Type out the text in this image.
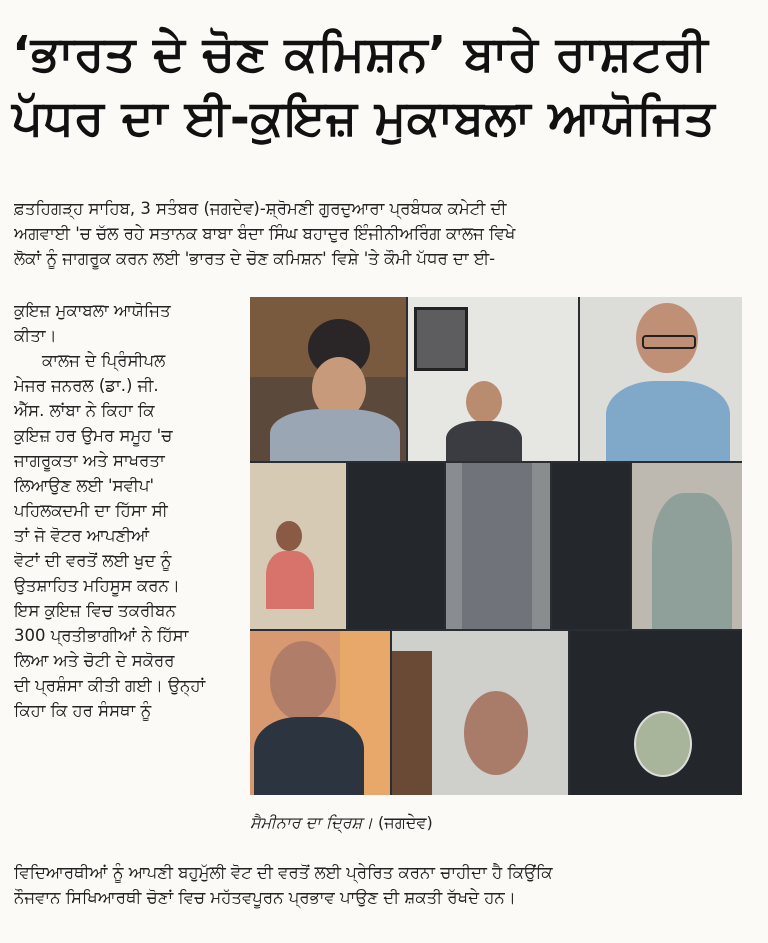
‘ਭਾਰਤ ਦੇ ਚੋਣ ਕਮਿਸ਼ਨ’ ਬਾਰੇ ਰਾਸ਼ਟਰੀ
ਪੱਧਰ ਦਾ ਈ-ਕੁਇਜ਼ ਮੁਕਾਬਲਾ ਆਯੋਜਿਤ
ਫ਼ਤਹਿਗੜ੍ਹ ਸਾਹਿਬ, 3 ਸਤੰਬਰ (ਜਗਦੇਵ)-ਸ਼੍ਰੋਮਣੀ ਗੁਰਦੁਆਰਾ ਪ੍ਰਬੰਧਕ ਕਮੇਟੀ ਦੀ
ਅਗਵਾਈ 'ਚ ਚੱਲ ਰਹੇ ਸਤਾਨਕ ਬਾਬਾ ਬੰਦਾ ਸਿੰਘ ਬਹਾਦੁਰ ਇੰਜੀਨੀਅਰਿੰਗ ਕਾਲਜ ਵਿਖੇ
ਲੋਕਾਂ ਨੂੰ ਜਾਗਰੂਕ ਕਰਨ ਲਈ 'ਭਾਰਤ ਦੇ ਚੋਣ ਕਮਿਸ਼ਨ' ਵਿਸ਼ੇ 'ਤੇ ਕੌਮੀ ਪੱਧਰ ਦਾ ਈ-
ਕੁਇਜ਼ ਮੁਕਾਬਲਾ ਆਯੋਜਿਤ
ਕੀਤਾ।
ਕਾਲਜ ਦੇ ਪ੍ਰਿੰਸੀਪਲ
ਮੇਜਰ ਜਨਰਲ (ਡਾ.) ਜੀ.
ਐੱਸ. ਲਾਂਬਾ ਨੇ ਕਿਹਾ ਕਿ
ਕੁਇਜ਼ ਹਰ ਉਮਰ ਸਮੂਹ 'ਚ
ਜਾਗਰੂਕਤਾ ਅਤੇ ਸਾਖਰਤਾ
ਲਿਆਉਣ ਲਈ 'ਸਵੀਪ'
ਪਹਿਲਕਦਮੀ ਦਾ ਹਿੱਸਾ ਸੀ
ਤਾਂ ਜੋ ਵੋਟਰ ਆਪਣੀਆਂ
ਵੋਟਾਂ ਦੀ ਵਰਤੋਂ ਲਈ ਖੁਦ ਨੂੰ
ਉਤਸ਼ਾਹਿਤ ਮਹਿਸੂਸ ਕਰਨ।
ਇਸ ਕੁਇਜ਼ ਵਿਚ ਤਕਰੀਬਨ
300 ਪ੍ਰਤੀਭਾਗੀਆਂ ਨੇ ਹਿੱਸਾ
ਲਿਆ ਅਤੇ ਚੋਟੀ ਦੇ ਸਕੋਰਰ
ਦੀ ਪ੍ਰਸ਼ੰਸਾ ਕੀਤੀ ਗਈ। ਉਨ੍ਹਾਂ
ਕਿਹਾ ਕਿ ਹਰ ਸੰਸਥਾ ਨੂੰ
ਸੈਮੀਨਾਰ ਦਾ ਦ੍ਰਿਸ਼। (ਜਗਦੇਵ)
ਵਿਦਿਆਰਥੀਆਂ ਨੂੰ ਆਪਣੀ ਬਹੁਮੁੱਲੀ ਵੋਟ ਦੀ ਵਰਤੋਂ ਲਈ ਪ੍ਰੇਰਿਤ ਕਰਨਾ ਚਾਹੀਦਾ ਹੈ ਕਿਉਂਕਿ
ਨੌਜਵਾਨ ਸਿਖਿਆਰਥੀ ਚੋਣਾਂ ਵਿਚ ਮਹੱਤਵਪੂਰਨ ਪ੍ਰਭਾਵ ਪਾਉਣ ਦੀ ਸ਼ਕਤੀ ਰੱਖਦੇ ਹਨ।
